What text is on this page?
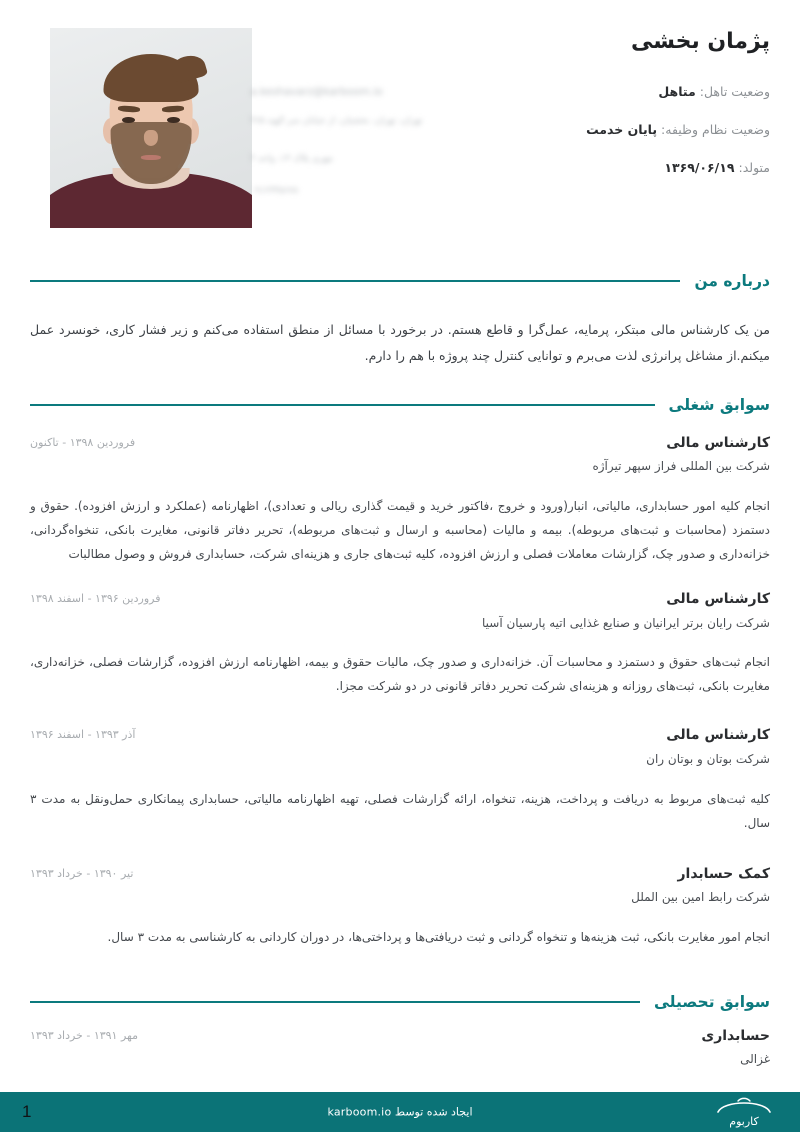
پژمان بخشی
وضعیت تاهل: متاهل
a.keshavarz@karboom.io
وضعیت نظام وظیفه: پایان خدمت
تهران، تهران، بخشیان، از خیابان سر الهیه ۴۶۵
متولد: ۱۳۶۹/۰۶/۱۹
مهری پلاک ۱۳، واحد ۴
۰۹۱۲۳۴۵۶۷۸
درباره من
من یک کارشناس مالی مبتکر، پرمایه، عمل‌گرا و قاطع هستم. در برخورد با مسائل از منطق استفاده می‌کنم و زیر فشار کاری، خونسرد عمل میکنم.از مشاغل پرانرژی لذت می‌برم و توانایی کنترل چند پروژه با هم را دارم.
سوابق شغلی
کارشناس مالی
شرکت بین المللی فراز سپهر تیرآژه
فروردین ۱۳۹۸ - تاکنون
انجام کلیه امور حسابداری، مالیاتی، انبار(ورود و خروج ،فاکتور خرید و قیمت گذاری ریالی و تعدادی)، اظهارنامه (عملکرد و ارزش افزوده). حقوق و دستمزد (محاسبات و ثبت‌های مربوطه). بیمه و مالیات (محاسبه و ارسال و ثبت‌های مربوطه)، تحریر دفاتر قانونی، مغایرت بانکی، تنخواه‌گردانی، خزانه‌داری و صدور چک، گزارشات معاملات فصلی و ارزش افزوده، کلیه ثبت‌های جاری و هزینه‌ای شرکت، حسابداری فروش و وصول مطالبات
کارشناس مالی
شرکت رایان برتر ایرانیان و صنایع غذایی اتیه پارسیان آسیا
فروردین ۱۳۹۶ - اسفند ۱۳۹۸
انجام ثبت‌های حقوق و دستمزد و محاسبات آن. خزانه‌داری و صدور چک، مالیات حقوق و بیمه، اظهارنامه ارزش افزوده، گزارشات فصلی، خزانه‌داری، مغایرت بانکی، ثبت‌های روزانه و هزینه‌ای شرکت تحریر دفاتر قانونی در دو شرکت مجزا.
کارشناس مالی
شرکت بوتان و بوتان ران
آذر ۱۳۹۳ - اسفند ۱۳۹۶
کلیه ثبت‌های مربوط به دریافت و پرداخت، هزینه، تنخواه، ارائه گزارشات فصلی، تهیه اظهارنامه مالیاتی، حسابداری پیمانکاری حمل‌ونقل به مدت ۳ سال.
کمک حسابدار
شرکت رابط امین بین الملل
تیر ۱۳۹۰ - خرداد ۱۳۹۳
انجام امور مغایرت بانکی، ثبت هزینه‌ها و تنخواه گردانی و ثبت دریافتی‌ها و پرداختی‌ها، در دوران کاردانی به کارشناسی به مدت ۳ سال.
سوابق تحصیلی
حسابداری
غزالی
مهر ۱۳۹۱ - خرداد ۱۳۹۳
1	ایجاد شده توسط karboom.io
کاربوم
